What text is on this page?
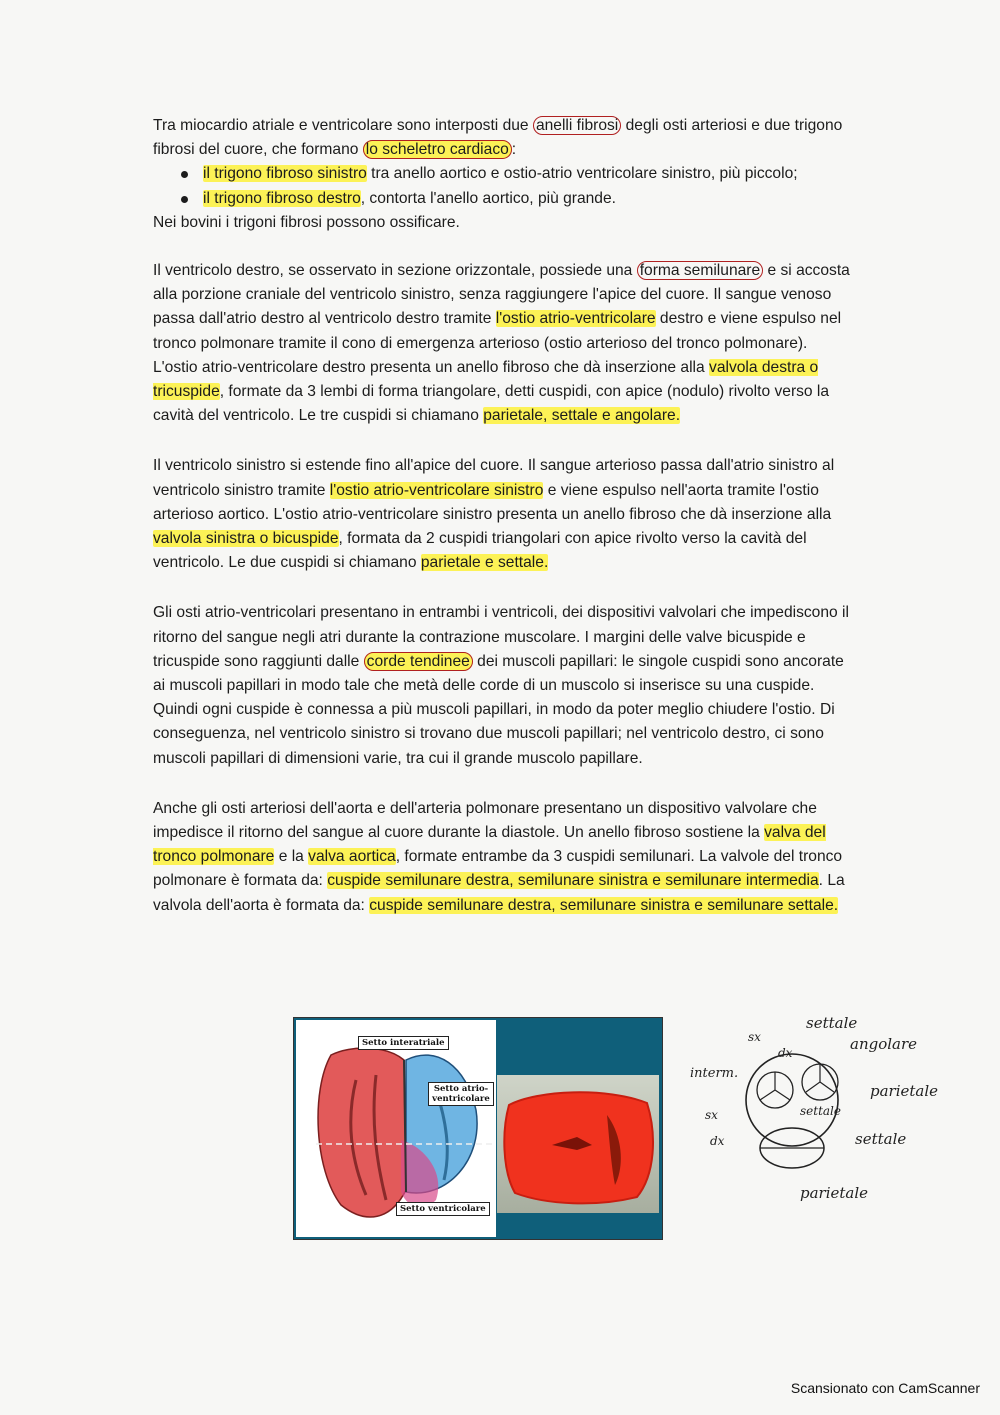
Tra miocardio atriale e ventricolare sono interposti due anelli fibrosi degli osti arteriosi e due trigono fibrosi del cuore, che formano lo scheletro cardiaco :

il trigono fibroso sinistro tra anello aortico e ostio-atrio ventricolare sinistro, più piccolo;
il trigono fibroso destro, contorta l'anello aortico, più grande.

Nei bovini i trigoni fibrosi possono ossificare.

Il ventricolo destro, se osservato in sezione orizzontale, possiede una forma semilunare e si accosta alla porzione craniale del ventricolo sinistro, senza raggiungere l'apice del cuore. Il sangue venoso passa dall'atrio destro al ventricolo destro tramite l'ostio atrio-ventricolare destro e viene espulso nel tronco polmonare tramite il cono di emergenza arterioso (ostio arterioso del tronco polmonare). L'ostio atrio-ventricolare destro presenta un anello fibroso che dà inserzione alla valvola destra o tricuspide, formate da 3 lembi di forma triangolare, detti cuspidi, con apice (nodulo) rivolto verso la cavità del ventricolo. Le tre cuspidi si chiamano parietale, settale e angolare.

Il ventricolo sinistro si estende fino all'apice del cuore. Il sangue arterioso passa dall'atrio sinistro al ventricolo sinistro tramite l'ostio atrio-ventricolare sinistro e viene espulso nell'aorta tramite l'ostio arterioso aortico. L'ostio atrio-ventricolare sinistro presenta un anello fibroso che dà inserzione alla valvola sinistra o bicuspide, formata da 2 cuspidi triangolari con apice rivolto verso la cavità del ventricolo. Le due cuspidi si chiamano parietale e settale.

Gli osti atrio-ventricolari presentano in entrambi i ventricoli, dei dispositivi valvolari che impediscono il ritorno del sangue negli atri durante la contrazione muscolare. I margini delle valve bicuspide e tricuspide sono raggiunti dalle corde tendinee dei muscoli papillari: le singole cuspidi sono ancorate ai muscoli papillari in modo tale che metà delle corde di un muscolo si inserisce su una cuspide. Quindi ogni cuspide è connessa a più muscoli papillari, in modo da poter meglio chiudere l'ostio. Di conseguenza, nel ventricolo sinistro si trovano due muscoli papillari; nel ventricolo destro, ci sono muscoli papillari di dimensioni varie, tra cui il grande muscolo papillare.

Anche gli osti arteriosi dell'aorta e dell'arteria polmonare presentano un dispositivo valvolare che impedisce il ritorno del sangue al cuore durante la diastole. Un anello fibroso sostiene la valva del tronco polmonare e la valva aortica, formate entrambe da 3 cuspidi semilunari. La valvole del tronco polmonare è formata da: cuspide semilunare destra, semilunare sinistra e semilunare intermedia. La valvola dell'aorta è formata da: cuspide semilunare destra, semilunare sinistra e semilunare settale.

Setto interatriale
Setto atrio-ventricolare
Setto ventricolare
settale
angolare
interm.
sx
dx
parietale
settale
sx
dx	settale
parietale
Scansionato con CamScanner
